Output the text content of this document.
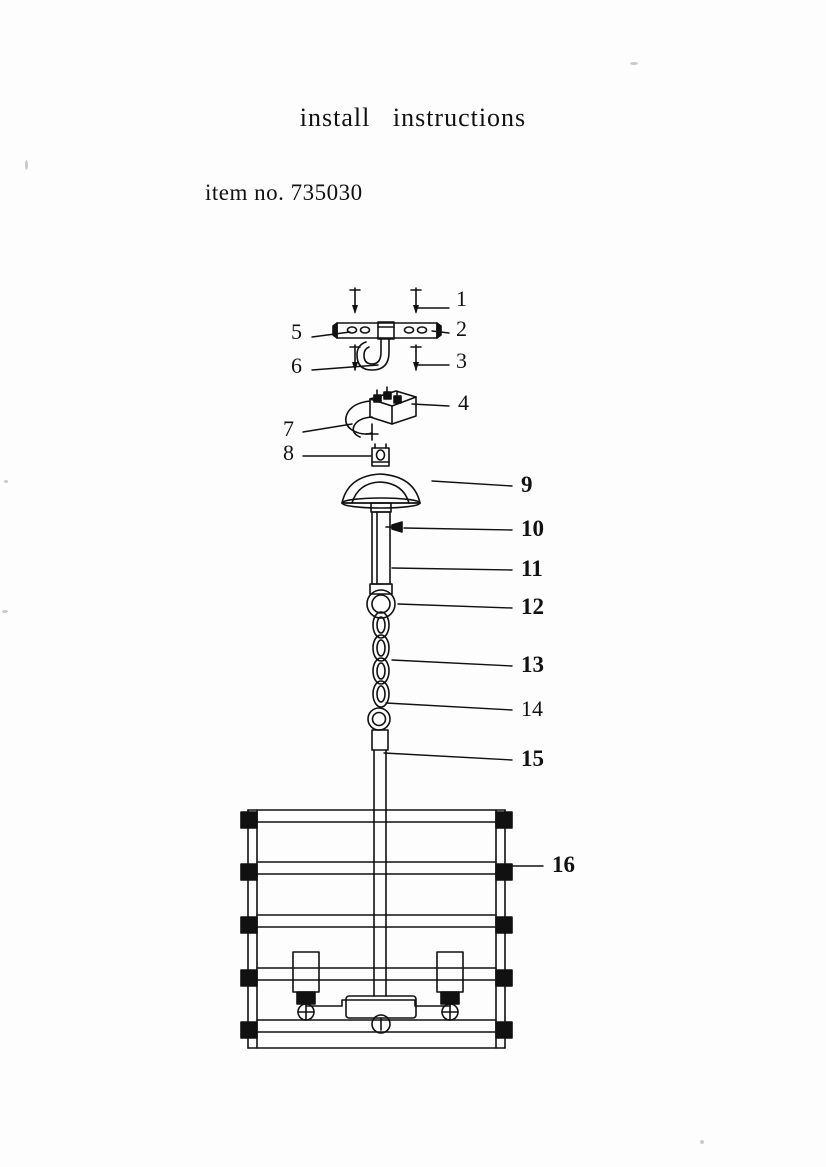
install   instructions
item no. 735030
1
2
3
4
5
6
7
8
9
10
11
12
13
14
15
16
